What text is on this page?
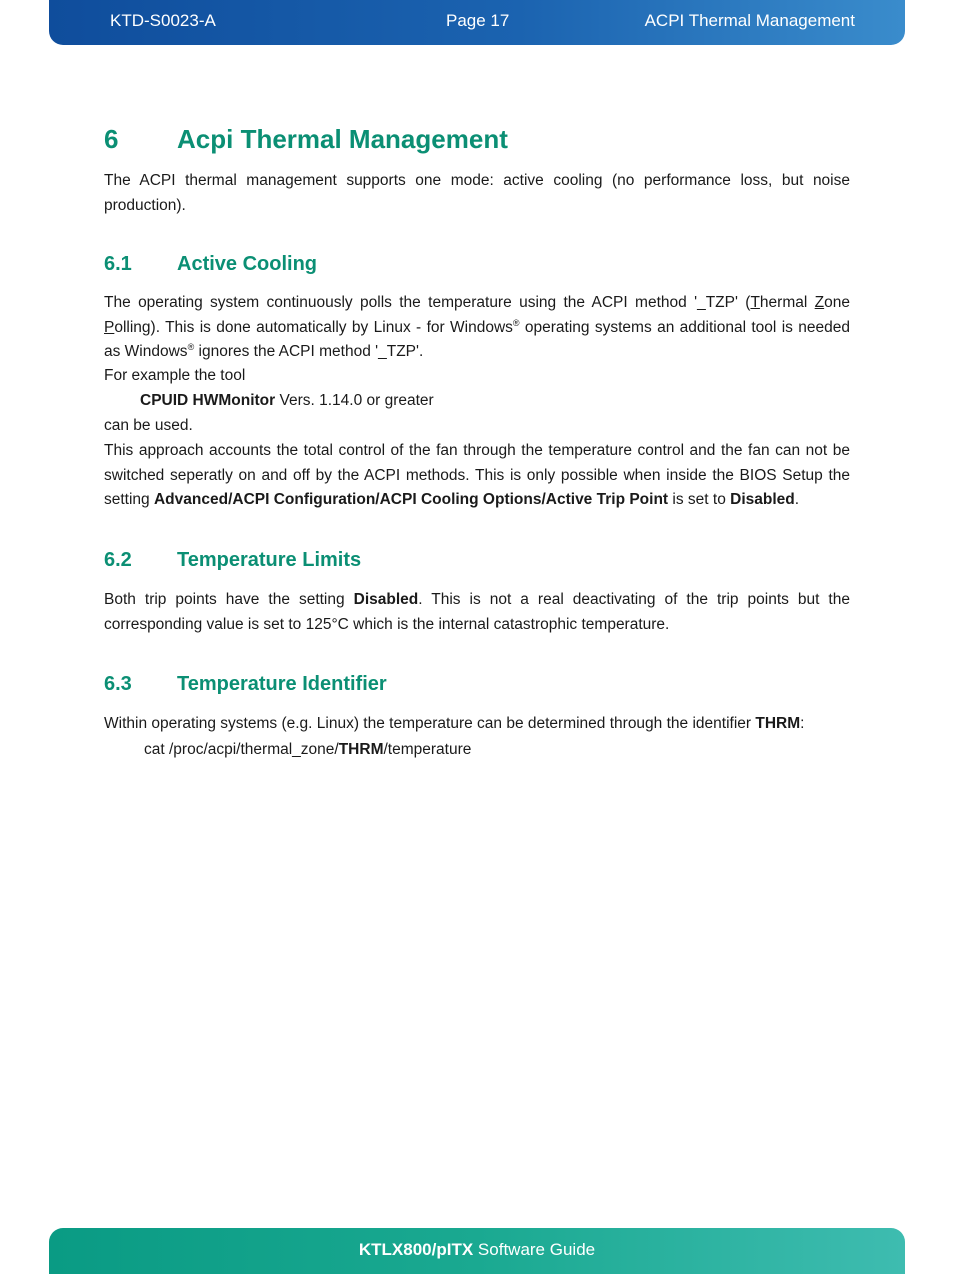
KTD-S0023-A	Page 17	ACPI Thermal Management
6 Acpi Thermal Management

The ACPI thermal management supports one mode: active cooling (no performance loss, but noise production).

6.1 Active Cooling

The operating system continuously polls the temperature using the ACPI method '_TZP' (Thermal Zone Polling). This is done automatically by Linux - for Windows® operating systems an additional tool is needed as Windows® ignores the ACPI method '_TZP'.

For example the tool

CPUID HWMonitor Vers. 1.14.0 or greater

can be used.

This approach accounts the total control of the fan through the temperature control and the fan can not be switched seperatly on and off by the ACPI methods. This is only possible when inside the BIOS Setup the setting Advanced/ACPI Configuration/ACPI Cooling Options/Active Trip Point is set to Disabled.

6.2 Temperature Limits

Both trip points have the setting Disabled. This is not a real deactivating of the trip points but the corresponding value is set to 125°C which is the internal catastrophic temperature.

6.3 Temperature Identifier

Within operating systems (e.g. Linux) the temperature can be determined through the identifier THRM:

cat /proc/acpi/thermal_zone/THRM/temperature

KTLX800/pITX Software Guide
